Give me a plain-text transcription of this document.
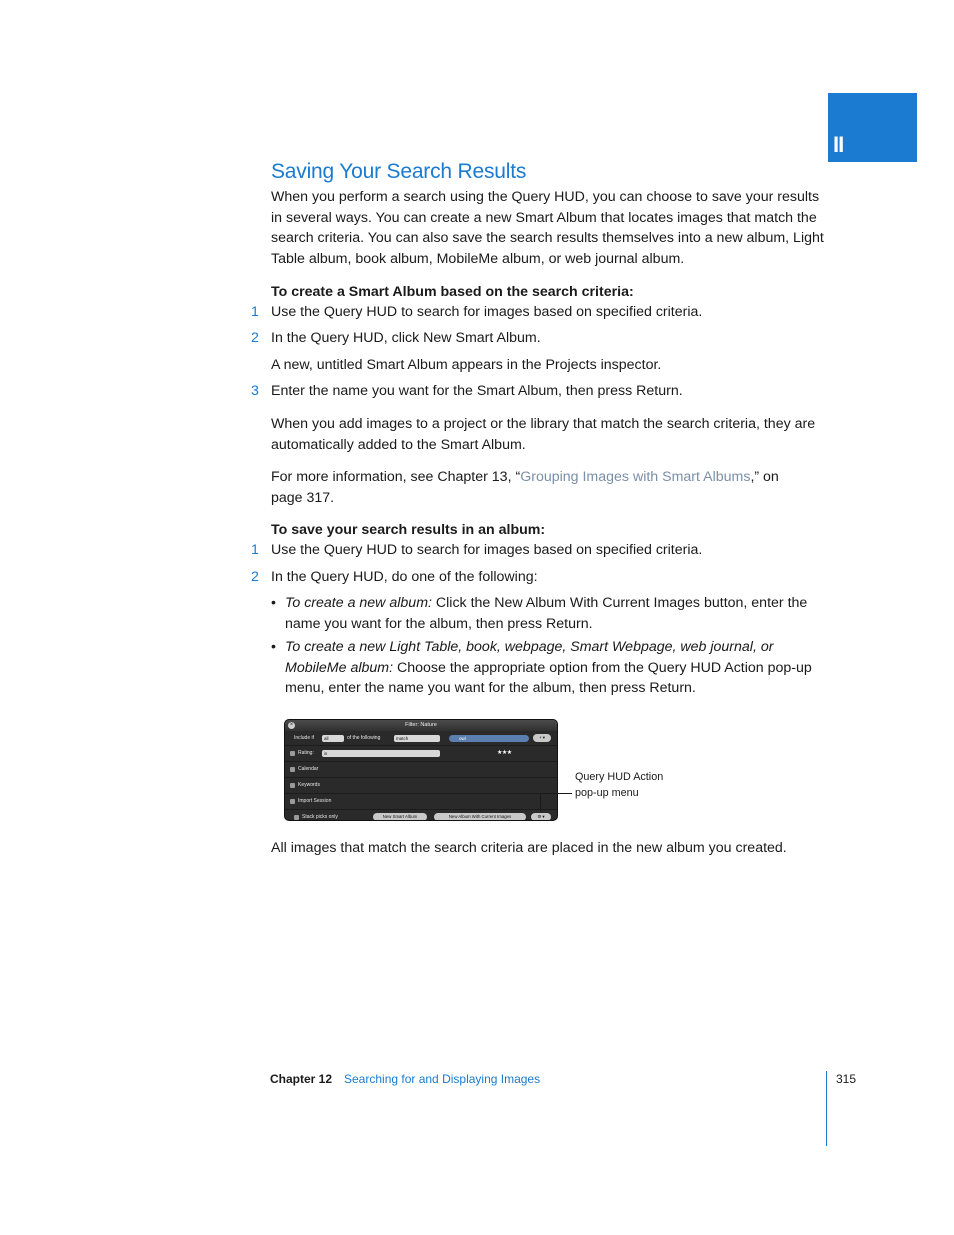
II
Saving Your Search Results

When you perform a search using the Query HUD, you can choose to save your results in several ways. You can create a new Smart Album that locates images that match the search criteria. You can also save the search results themselves into a new album, Light Table album, book album, MobileMe album, or web journal album.

To create a Smart Album based on the search criteria:

1 Use the Query HUD to search for images based on specified criteria.
2 In the Query HUD, click New Smart Album.

A new, untitled Smart Album appears in the Projects inspector.

3 Enter the name you want for the Smart Album, then press Return.

When you add images to a project or the library that match the search criteria, they are automatically added to the Smart Album.

For more information, see Chapter 13, “Grouping Images with Smart Albums,” on page 317.

To save your search results in an album:

1 Use the Query HUD to search for images based on specified criteria.
2 In the Query HUD, do one of the following:
• To create a new album: Click the New Album With Current Images button, enter the name you want for the album, then press Return.
• To create a new Light Table, book, webpage, Smart Webpage, web journal, or MobileMe album: Choose the appropriate option from the Query HUD Action pop-up menu, enter the name you want for the album, then press Return.
×	Filter: Nature
Include if	all	of the following	match	owl	+ ▾
Rating:	is	★★★
Calendar
Keywords
Import Session
Stack picks only	New Smart Album	New Album With Current Images	⚙ ▾
Query HUD Action
pop-up menu

All images that match the search criteria are placed in the new album you created.

Chapter 12 Searching for and Displaying Images	315
